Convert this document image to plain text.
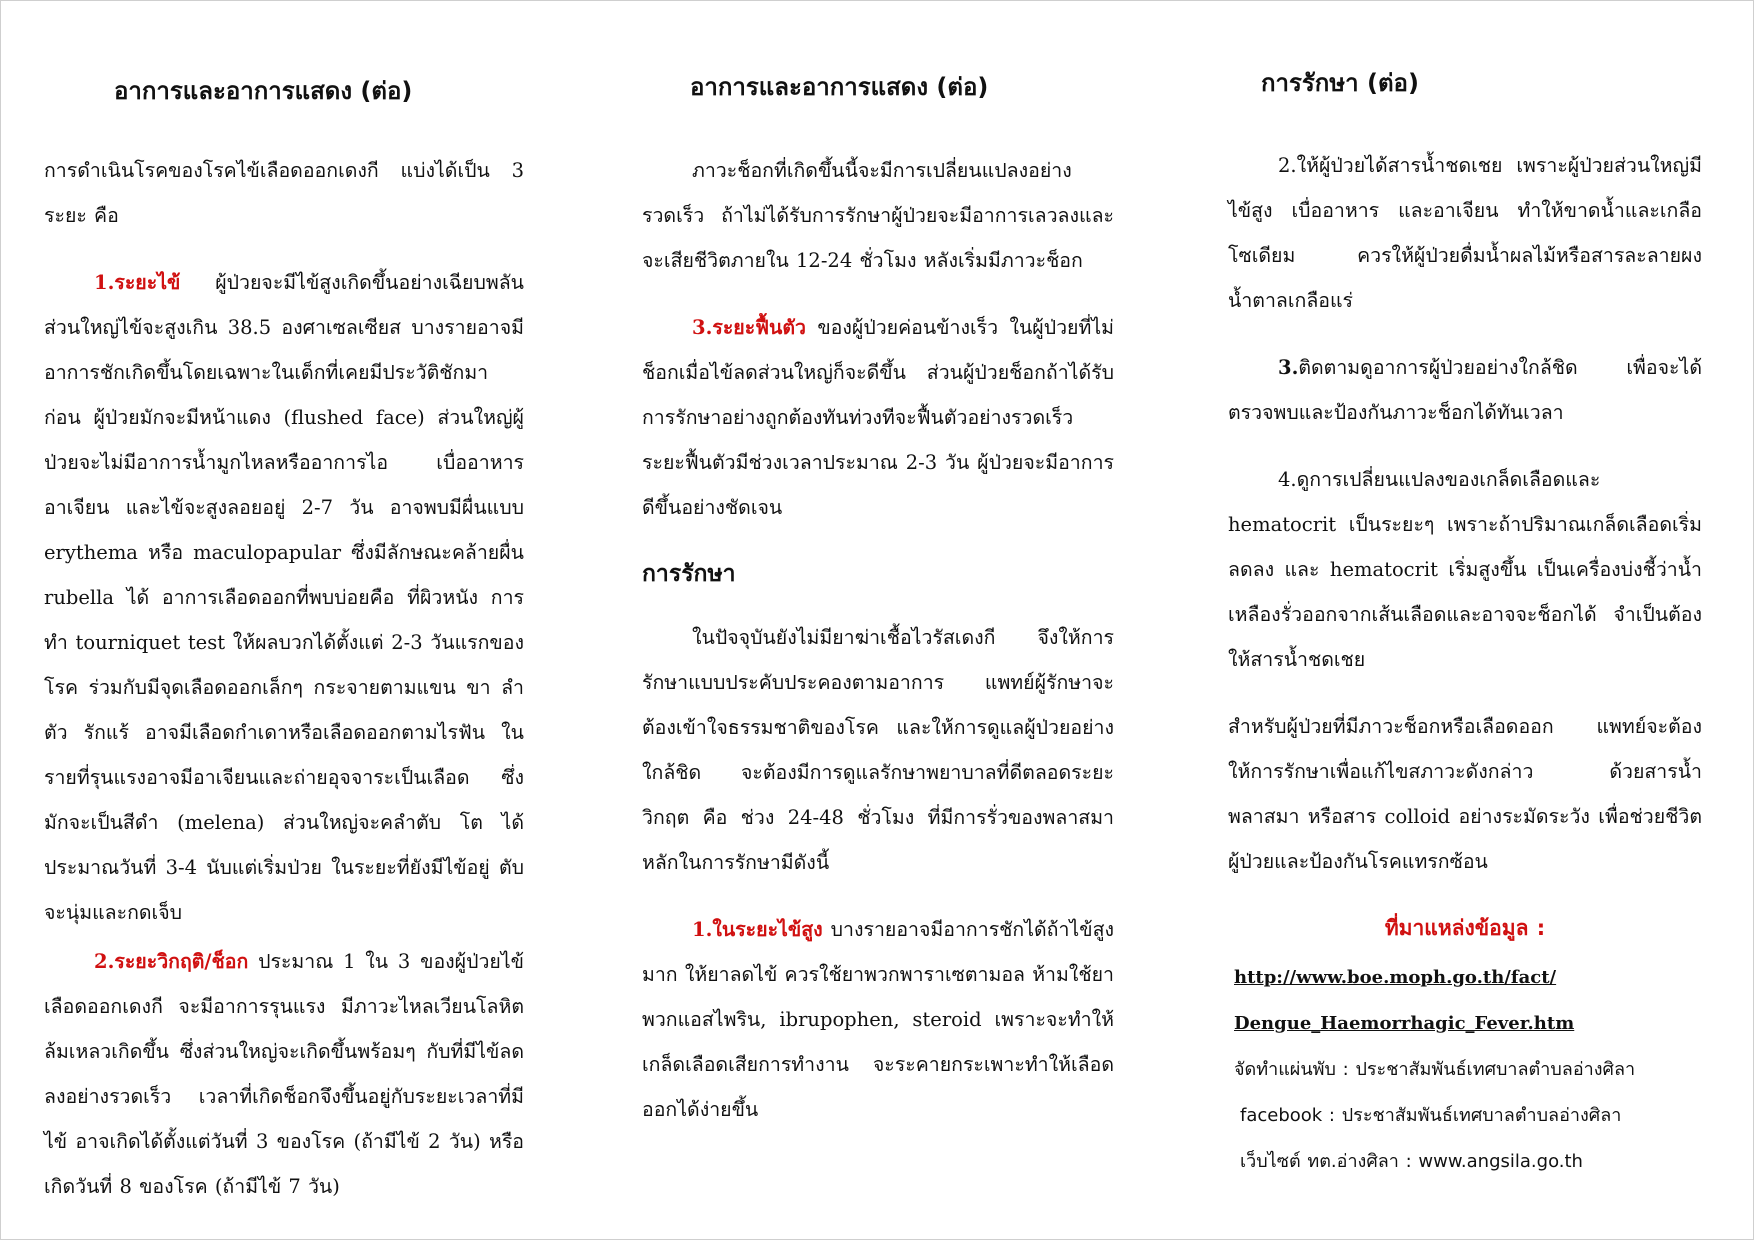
อาการและอาการแสดง (ต่อ)

การดำเนินโรคของโรคไข้เลือดออกเดงกี แบ่งได้เป็น 3 ระยะ คือ

1.ระยะไข้ ผู้ป่วยจะมีไข้สูงเกิดขึ้นอย่างเฉียบพลัน ส่วนใหญ่ไข้จะสูงเกิน 38.5 องศาเซลเซียส บางรายอาจมีอาการชักเกิดขึ้นโดยเฉพาะในเด็กที่เคยมีประวัติชักมาก่อน ผู้ป่วยมักจะมีหน้าแดง (flushed face) ส่วนใหญ่ผู้ป่วยจะไม่มีอาการน้ำมูกไหลหรืออาการไอ เบื่ออาหาร อาเจียน และไข้จะสูงลอยอยู่ 2-7 วัน อาจพบมีผื่นแบบ erythema หรือ maculopapular ซึ่งมีลักษณะคล้ายผื่น rubella ได้ อาการเลือดออกที่พบบ่อยคือ ที่ผิวหนัง การทำ tourniquet test ให้ผลบวกได้ตั้งแต่ 2-3 วันแรกของโรค ร่วมกับมีจุดเลือดออกเล็กๆ กระจายตามแขน ขา ลำตัว รักแร้ อาจมีเลือดกำเดาหรือเลือดออกตามไรฟัน ในรายที่รุนแรงอาจมีอาเจียนและถ่ายอุจจาระเป็นเลือด ซึ่งมักจะเป็นสีดำ (melena) ส่วนใหญ่จะคลำตับ โต ได้ประมาณวันที่ 3-4 นับแต่เริ่มป่วย ในระยะที่ยังมีไข้อยู่ ตับจะนุ่มและกดเจ็บ

2.ระยะวิกฤติ/ช็อก ประมาณ 1 ใน 3 ของผู้ป่วยไข้เลือดออกเดงกี จะมีอาการรุนแรง มีภาวะไหลเวียนโลหิตล้มเหลวเกิดขึ้น ซึ่งส่วนใหญ่จะเกิดขึ้นพร้อมๆ กับที่มีไข้ลดลงอย่างรวดเร็ว เวลาที่เกิดช็อกจึงขึ้นอยู่กับระยะเวลาที่มีไข้ อาจเกิดได้ตั้งแต่วันที่ 3 ของโรค (ถ้ามีไข้ 2 วัน) หรือเกิดวันที่ 8 ของโรค (ถ้ามีไข้ 7 วัน)

อาการและอาการแสดง (ต่อ)

ภาวะช็อกที่เกิดขึ้นนี้จะมีการเปลี่ยนแปลงอย่างรวดเร็ว ถ้าไม่ได้รับการรักษาผู้ป่วยจะมีอาการเลวลงและจะเสียชีวิตภายใน 12-24 ชั่วโมง หลังเริ่มมีภาวะช็อก

3.ระยะฟื้นตัว ของผู้ป่วยค่อนข้างเร็ว ในผู้ป่วยที่ไม่ช็อกเมื่อไข้ลดส่วนใหญ่ก็จะดีขึ้น ส่วนผู้ป่วยช็อกถ้าได้รับการรักษาอย่างถูกต้องทันท่วงทีจะฟื้นตัวอย่างรวดเร็ว ระยะฟื้นตัวมีช่วงเวลาประมาณ 2-3 วัน ผู้ป่วยจะมีอาการดีขึ้นอย่างชัดเจน

การรักษา

ในปัจจุบันยังไม่มียาฆ่าเชื้อไวรัสเดงกี จึงให้การรักษาแบบประคับประคองตามอาการ แพทย์ผู้รักษาจะต้องเข้าใจธรรมชาติของโรค และให้การดูแลผู้ป่วยอย่างใกล้ชิด จะต้องมีการดูแลรักษาพยาบาลที่ดีตลอดระยะวิกฤต คือ ช่วง 24-48 ชั่วโมง ที่มีการรั่วของพลาสมา หลักในการรักษามีดังนี้

1.ในระยะไข้สูง บางรายอาจมีอาการชักได้ถ้าไข้สูงมาก ให้ยาลดไข้ ควรใช้ยาพวกพาราเซตามอล ห้ามใช้ยาพวกแอสไพริน, ibrupophen, steroid เพราะจะทำให้เกล็ดเลือดเสียการทำงาน จะระคายกระเพาะทำให้เลือดออกได้ง่ายขึ้น

การรักษา (ต่อ)

2.ให้ผู้ป่วยได้สารน้ำชดเชย เพราะผู้ป่วยส่วนใหญ่มีไข้สูง เบื่ออาหาร และอาเจียน ทำให้ขาดน้ำและเกลือโซเดียม ควรให้ผู้ป่วยดื่มน้ำผลไม้หรือสารละลายผงน้ำตาลเกลือแร่

3.ติดตามดูอาการผู้ป่วยอย่างใกล้ชิด เพื่อจะได้ตรวจพบและป้องกันภาวะช็อกได้ทันเวลา

4.ดูการเปลี่ยนแปลงของเกล็ดเลือดและ hematocrit เป็นระยะๆ เพราะถ้าปริมาณเกล็ดเลือดเริ่มลดลง และ hematocrit เริ่มสูงขึ้น เป็นเครื่องบ่งชี้ว่าน้ำเหลืองรั่วออกจากเส้นเลือดและอาจจะช็อกได้ จำเป็นต้องให้สารน้ำชดเชย

สำหรับผู้ป่วยที่มีภาวะช็อกหรือเลือดออก แพทย์จะต้องให้การรักษาเพื่อแก้ไขสภาวะดังกล่าว ด้วยสารน้ำ พลาสมา หรือสาร colloid อย่างระมัดระวัง เพื่อช่วยชีวิตผู้ป่วยและป้องกันโรคแทรกซ้อน

ที่มาแหล่งข้อมูล :

http://www.boe.moph.go.th/fact/

Dengue_Haemorrhagic_Fever.htm

จัดทำแผ่นพับ : ประชาสัมพันธ์เทศบาลตำบลอ่างศิลา

facebook : ประชาสัมพันธ์เทศบาลตำบลอ่างศิลา

เว็บไซต์ ทต.อ่างศิลา : www.angsila.go.th
